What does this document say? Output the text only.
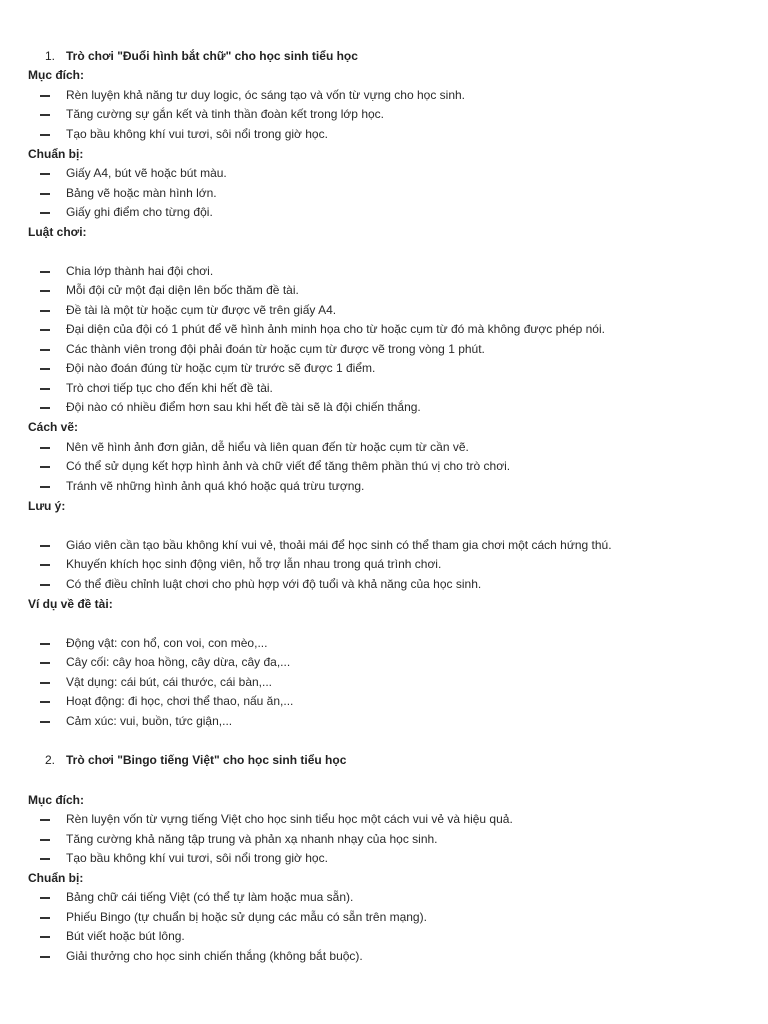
1. Trò chơi "Đuổi hình bắt chữ" cho học sinh tiểu học
Mục đích:
Rèn luyện khả năng tư duy logic, óc sáng tạo và vốn từ vựng cho học sinh.
Tăng cường sự gắn kết và tinh thần đoàn kết trong lớp học.
Tạo bầu không khí vui tươi, sôi nổi trong giờ học.
Chuẩn bị:
Giấy A4, bút vẽ hoặc bút màu.
Bảng vẽ hoặc màn hình lớn.
Giấy ghi điểm cho từng đội.
Luật chơi:
Chia lớp thành hai đội chơi.
Mỗi đội cử một đại diện lên bốc thăm đề tài.
Đề tài là một từ hoặc cụm từ được vẽ trên giấy A4.
Đại diện của đội có 1 phút để vẽ hình ảnh minh họa cho từ hoặc cụm từ đó mà không được phép nói.
Các thành viên trong đội phải đoán từ hoặc cụm từ được vẽ trong vòng 1 phút.
Đội nào đoán đúng từ hoặc cụm từ trước sẽ được 1 điểm.
Trò chơi tiếp tục cho đến khi hết đề tài.
Đội nào có nhiều điểm hơn sau khi hết đề tài sẽ là đội chiến thắng.
Cách vẽ:
Nên vẽ hình ảnh đơn giản, dễ hiểu và liên quan đến từ hoặc cụm từ cần vẽ.
Có thể sử dụng kết hợp hình ảnh và chữ viết để tăng thêm phần thú vị cho trò chơi.
Tránh vẽ những hình ảnh quá khó hoặc quá trừu tượng.
Lưu ý:
Giáo viên cần tạo bầu không khí vui vẻ, thoải mái để học sinh có thể tham gia chơi một cách hứng thú.
Khuyến khích học sinh động viên, hỗ trợ lẫn nhau trong quá trình chơi.
Có thể điều chỉnh luật chơi cho phù hợp với độ tuổi và khả năng của học sinh.
Ví dụ về đề tài:
Động vật: con hổ, con voi, con mèo,...
Cây cối: cây hoa hồng, cây dừa, cây đa,...
Vật dụng: cái bút, cái thước, cái bàn,...
Hoạt động: đi học, chơi thể thao, nấu ăn,...
Cảm xúc: vui, buồn, tức giận,...
2. Trò chơi "Bingo tiếng Việt" cho học sinh tiểu học
Mục đích:
Rèn luyện vốn từ vựng tiếng Việt cho học sinh tiểu học một cách vui vẻ và hiệu quả.
Tăng cường khả năng tập trung và phản xạ nhanh nhạy của học sinh.
Tạo bầu không khí vui tươi, sôi nổi trong giờ học.
Chuẩn bị:
Bảng chữ cái tiếng Việt (có thể tự làm hoặc mua sẵn).
Phiếu Bingo (tự chuẩn bị hoặc sử dụng các mẫu có sẵn trên mạng).
Bút viết hoặc bút lông.
Giải thưởng cho học sinh chiến thắng (không bắt buộc).
